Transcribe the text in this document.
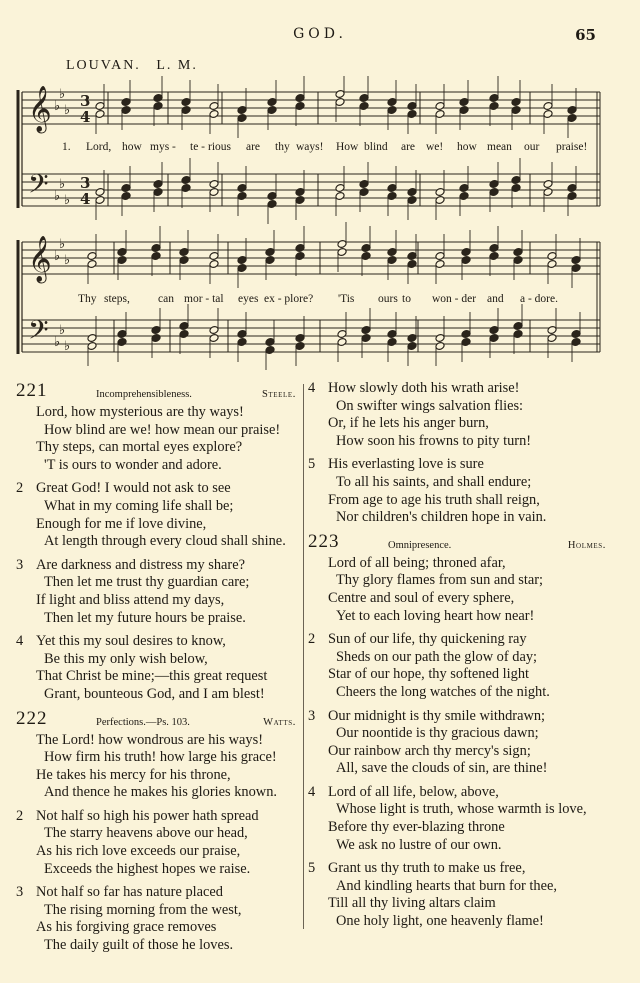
GOD.	65
LOUVAN. L. M.
𝄞
𝄢
♭
♭
♭
♭
♭
♭
3
4
3
4
𝄞
𝄢
♭
♭
♭
♭
♭
♭
1. Lord, how mys - te - rious are thy ways! How blind are we! how mean our praise!
Thy steps, can mor - tal eyes ex - plore? 'Tis ours to won - der and a - dore.
221	Incomprehensibleness.	Steele.
Lord, how mysterious are thy ways!
How blind are we! how mean our praise!
Thy steps, can mortal eyes explore?
'T is ours to wonder and adore.
2 Great God! I would not ask to see
What in my coming life shall be;
Enough for me if love divine,
At length through every cloud shall shine.
3 Are darkness and distress my share?
Then let me trust thy guardian care;
If light and bliss attend my days,
Then let my future hours be praise.
4 Yet this my soul desires to know,
Be this my only wish below,
That Christ be mine;—this great request
Grant, bounteous God, and I am blest!
222	Perfections.—Ps. 103.	Watts.
The Lord! how wondrous are his ways!
How firm his truth! how large his grace!
He takes his mercy for his throne,
And thence he makes his glories known.
2 Not half so high his power hath spread
The starry heavens above our head,
As his rich love exceeds our praise,
Exceeds the highest hopes we raise.
3 Not half so far has nature placed
The rising morning from the west,
As his forgiving grace removes
The daily guilt of those he loves.
4 How slowly doth his wrath arise!
On swifter wings salvation flies:
Or, if he lets his anger burn,
How soon his frowns to pity turn!
5 His everlasting love is sure
To all his saints, and shall endure;
From age to age his truth shall reign,
Nor children's children hope in vain.
223	Omnipresence.	Holmes.
Lord of all being; throned afar,
Thy glory flames from sun and star;
Centre and soul of every sphere,
Yet to each loving heart how near!
2 Sun of our life, thy quickening ray
Sheds on our path the glow of day;
Star of our hope, thy softened light
Cheers the long watches of the night.
3 Our midnight is thy smile withdrawn;
Our noontide is thy gracious dawn;
Our rainbow arch thy mercy's sign;
All, save the clouds of sin, are thine!
4 Lord of all life, below, above,
Whose light is truth, whose warmth is love,
Before thy ever-blazing throne
We ask no lustre of our own.
5 Grant us thy truth to make us free,
And kindling hearts that burn for thee,
Till all thy living altars claim
One holy light, one heavenly flame!
